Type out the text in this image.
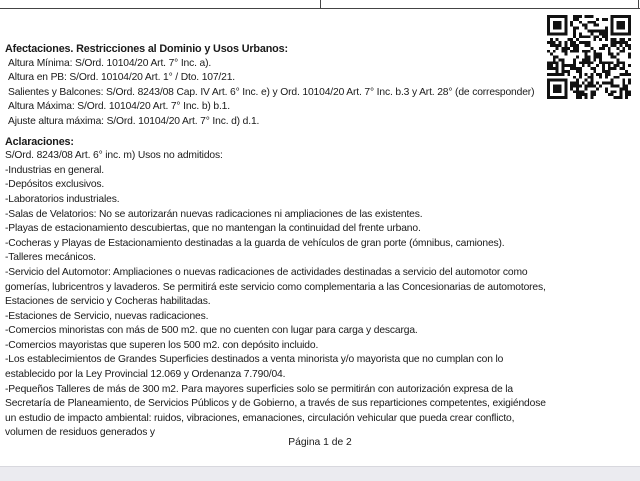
Afectaciones. Restricciones al Dominio y Usos Urbanos:
Altura Mínima: S/Ord. 10104/20 Art. 7° Inc. a).
Altura en PB: S/Ord. 10104/20 Art. 1° / Dto. 107/21.
Salientes y Balcones: S/Ord. 8243/08 Cap. IV Art. 6° Inc. e) y Ord. 10104/20 Art. 7° Inc. b.3 y Art. 28° (de corresponder)
Altura Máxima: S/Ord. 10104/20 Art. 7° Inc. b) b.1.
Ajuste altura máxima: S/Ord. 10104/20 Art. 7° Inc. d) d.1.
Aclaraciones:
S/Ord. 8243/08 Art. 6° inc. m) Usos no admitidos:
-Industrias en general.
-Depósitos exclusivos.
-Laboratorios industriales.
-Salas de Velatorios: No se autorizarán nuevas radicaciones ni ampliaciones de las existentes.
-Playas de estacionamiento descubiertas, que no mantengan la continuidad del frente urbano.
-Cocheras y Playas de Estacionamiento destinadas a la guarda de vehículos de gran porte (ómnibus, camiones).
-Talleres mecánicos.
-Servicio del Automotor: Ampliaciones o nuevas radicaciones de actividades destinadas a servicio del automotor como gomerías, lubricentros y lavaderos. Se permitirá este servicio como complementaria a las Concesionarias de automotores, Estaciones de servicio y Cocheras habilitadas.
-Estaciones de Servicio, nuevas radicaciones.
-Comercios minoristas con más de 500 m2. que no cuenten con lugar para carga y descarga.
-Comercios mayoristas que superen los 500 m2. con depósito incluido.
-Los establecimientos de Grandes Superficies destinados a venta minorista y/o mayorista que no cumplan con lo establecido por la Ley Provincial 12.069 y Ordenanza 7.790/04.
-Pequeños Talleres de más de 300 m2. Para mayores superficies solo se permitirán con autorización expresa de la Secretaría de Planeamiento, de Servicios Públicos y de Gobierno, a través de sus reparticiones competentes, exigiéndose un estudio de impacto ambiental: ruidos, vibraciones, emanaciones, circulación vehicular que pueda crear conflicto, volumen de residuos generados y
Página 1 de 2
